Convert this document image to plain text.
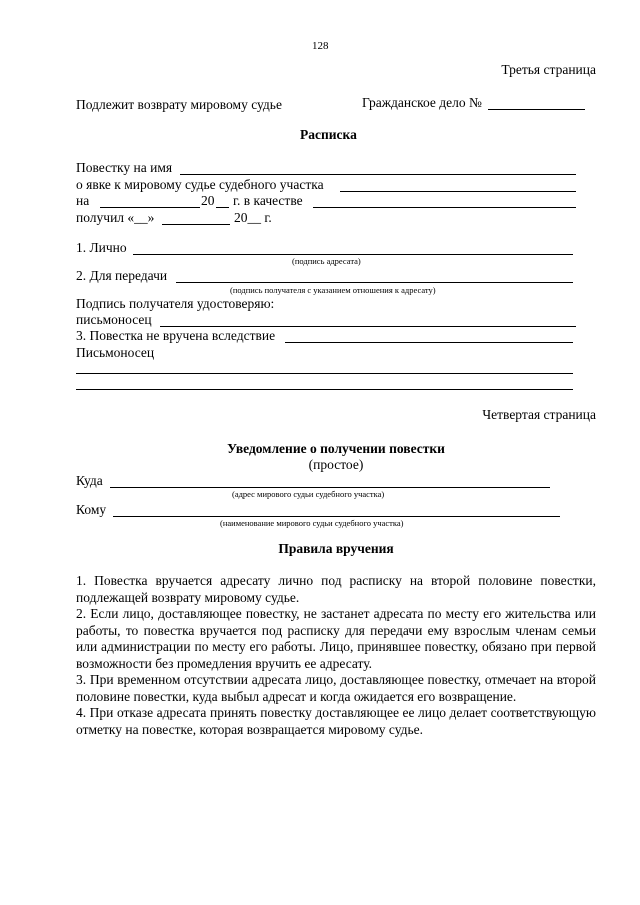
128
Третья страница
Подлежит возврату мировому судье	Гражданское дело №
Расписка
Повестку на имя
о явке к мировому судье судебного участка
на	20 г. в качестве
получил «__»	20__ г.
1. Лично
(подпись адресата)
2. Для передачи
(подпись получателя с указанием отношения к адресату)
Подпись получателя удостоверяю:
письмоносец
3. Повестка не вручена вследствие
Письмоносец
Четвертая страница
Уведомление о получении повестки
(простое)
Куда
(адрес мирового судьи судебного участка)
Кому
(наименование мирового судьи судебного участка)
Правила вручения
1. Повестка вручается адресату лично под расписку на второй половине повестки, подлежащей возврату мировому судье.
2. Если лицо, доставляющее повестку, не застанет адресата по месту его жительства или работы, то повестка вручается под расписку для передачи ему взрослым членам семьи или администрации по месту его работы. Лицо, принявшее повестку, обязано при первой возможности без промедления вручить ее адресату.
3. При временном отсутствии адресата лицо, доставляющее повестку, отмечает на второй половине повестки, куда выбыл адресат и когда ожидается его возвращение.
4. При отказе адресата принять повестку доставляющее ее лицо делает соответствующую отметку на повестке, которая возвращается мировому судье.
